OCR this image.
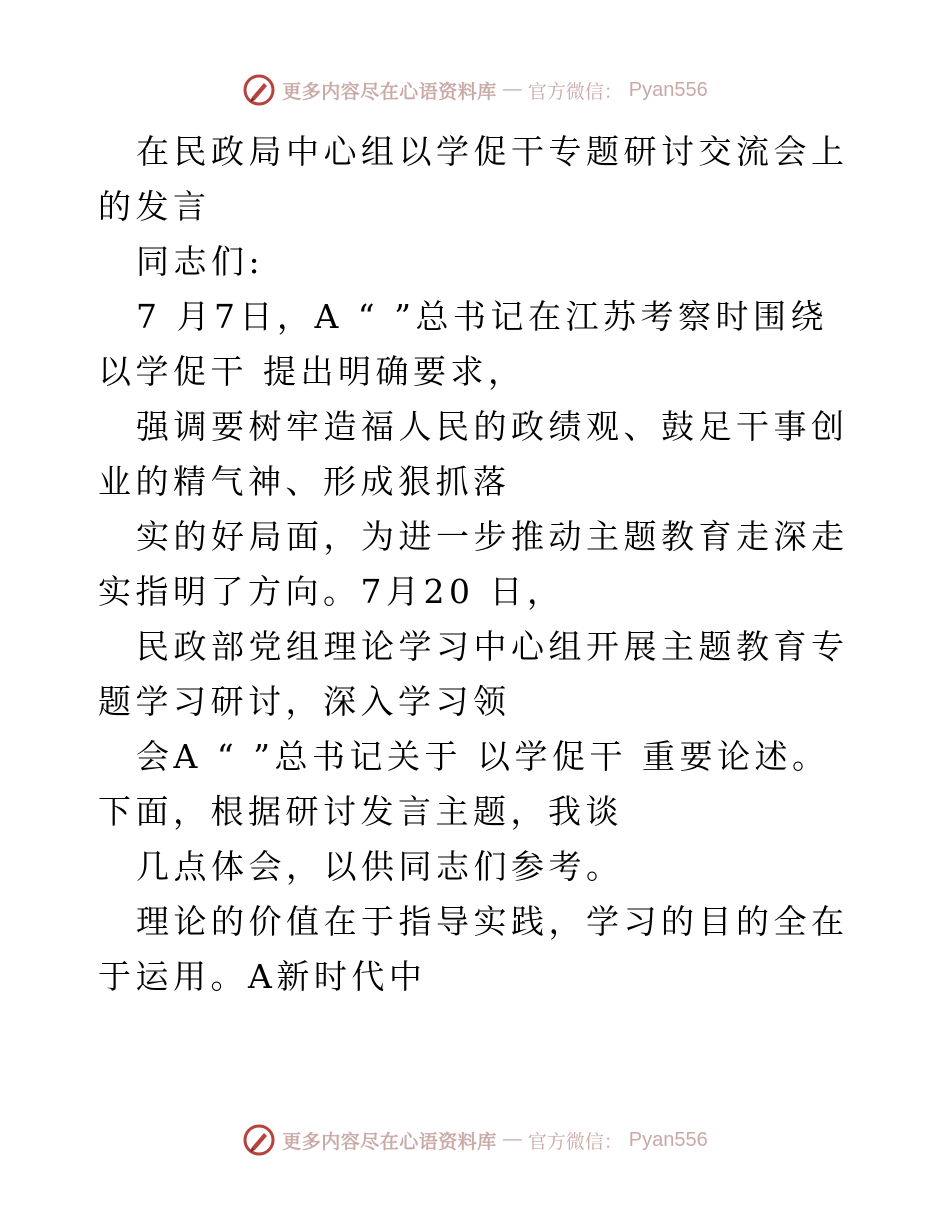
更多内容尽在心语资料库 — 官方微信： Pyan556

在民政局中心组以学促干专题研讨交流会上的发言

同志们:

7 月7日，A “ ”总书记在江苏考察时围绕 以学促干 提出明确要求，

强调要树牢造福人民的政绩观、鼓足干事创业的精气神、形成狠抓落

实的好局面，为进一步推动主题教育走深走实指明了方向。7月20 日，

民政部党组理论学习中心组开展主题教育专题学习研讨，深入学习领

会A “ ”总书记关于 以学促干 重要论述。下面，根据研讨发言主题，我谈

几点体会，以供同志们参考。

理论的价值在于指导实践，学习的目的全在于运用。A新时代中

更多内容尽在心语资料库 — 官方微信： Pyan556
